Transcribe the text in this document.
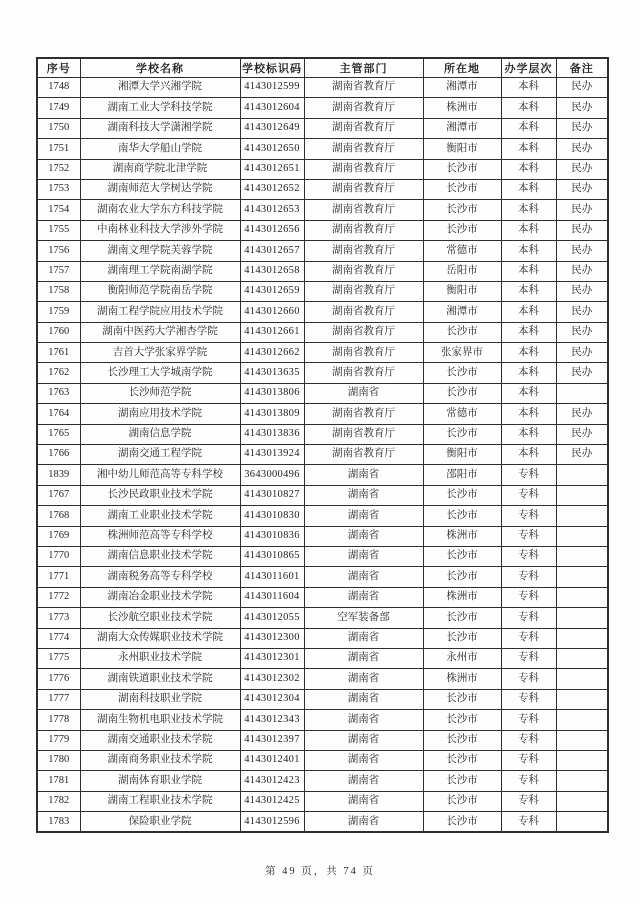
序号	学校名称	学校标识码	主管部门	所在地	办学层次	备注
1748	湘潭大学兴湘学院	4143012599	湖南省教育厅	湘潭市	本科	民办
1749	湖南工业大学科技学院	4143012604	湖南省教育厅	株洲市	本科	民办
1750	湖南科技大学潇湘学院	4143012649	湖南省教育厅	湘潭市	本科	民办
1751	南华大学船山学院	4143012650	湖南省教育厅	衡阳市	本科	民办
1752	湖南商学院北津学院	4143012651	湖南省教育厅	长沙市	本科	民办
1753	湖南师范大学树达学院	4143012652	湖南省教育厅	长沙市	本科	民办
1754	湖南农业大学东方科技学院	4143012653	湖南省教育厅	长沙市	本科	民办
1755	中南林业科技大学涉外学院	4143012656	湖南省教育厅	长沙市	本科	民办
1756	湖南文理学院芙蓉学院	4143012657	湖南省教育厅	常德市	本科	民办
1757	湖南理工学院南湖学院	4143012658	湖南省教育厅	岳阳市	本科	民办
1758	衡阳师范学院南岳学院	4143012659	湖南省教育厅	衡阳市	本科	民办
1759	湖南工程学院应用技术学院	4143012660	湖南省教育厅	湘潭市	本科	民办
1760	湖南中医药大学湘杏学院	4143012661	湖南省教育厅	长沙市	本科	民办
1761	吉首大学张家界学院	4143012662	湖南省教育厅	张家界市	本科	民办
1762	长沙理工大学城南学院	4143013635	湖南省教育厅	长沙市	本科	民办
1763	长沙师范学院	4143013806	湖南省	长沙市	本科	
1764	湖南应用技术学院	4143013809	湖南省教育厅	常德市	本科	民办
1765	湖南信息学院	4143013836	湖南省教育厅	长沙市	本科	民办
1766	湖南交通工程学院	4143013924	湖南省教育厅	衡阳市	本科	民办
1839	湘中幼儿师范高等专科学校	3643000496	湖南省	邵阳市	专科	
1767	长沙民政职业技术学院	4143010827	湖南省	长沙市	专科	
1768	湖南工业职业技术学院	4143010830	湖南省	长沙市	专科	
1769	株洲师范高等专科学校	4143010836	湖南省	株洲市	专科	
1770	湖南信息职业技术学院	4143010865	湖南省	长沙市	专科	
1771	湖南税务高等专科学校	4143011601	湖南省	长沙市	专科	
1772	湖南冶金职业技术学院	4143011604	湖南省	株洲市	专科	
1773	长沙航空职业技术学院	4143012055	空军装备部	长沙市	专科	
1774	湖南大众传媒职业技术学院	4143012300	湖南省	长沙市	专科	
1775	永州职业技术学院	4143012301	湖南省	永州市	专科	
1776	湖南铁道职业技术学院	4143012302	湖南省	株洲市	专科	
1777	湖南科技职业学院	4143012304	湖南省	长沙市	专科	
1778	湖南生物机电职业技术学院	4143012343	湖南省	长沙市	专科	
1779	湖南交通职业技术学院	4143012397	湖南省	长沙市	专科	
1780	湖南商务职业技术学院	4143012401	湖南省	长沙市	专科	
1781	湖南体育职业学院	4143012423	湖南省	长沙市	专科	
1782	湖南工程职业技术学院	4143012425	湖南省	长沙市	专科	
1783	保险职业学院	4143012596	湖南省	长沙市	专科	
第 49 页，共 74 页
